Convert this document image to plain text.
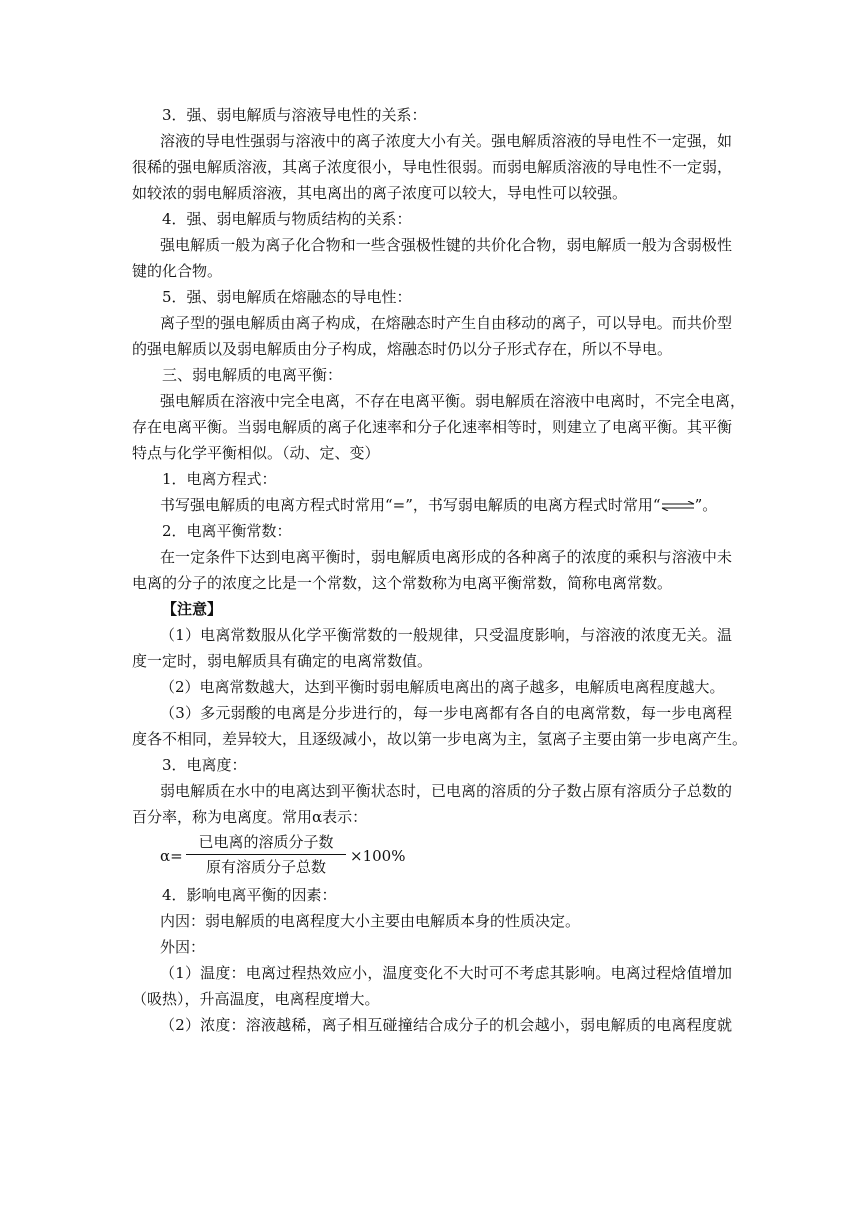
3．强、弱电解质与溶液导电性的关系：
溶液的导电性强弱与溶液中的离子浓度大小有关。强电解质溶液的导电性不一定强，如
很稀的强电解质溶液，其离子浓度很小，导电性很弱。而弱电解质溶液的导电性不一定弱，
如较浓的弱电解质溶液，其电离出的离子浓度可以较大，导电性可以较强。
4．强、弱电解质与物质结构的关系：
强电解质一般为离子化合物和一些含强极性键的共价化合物，弱电解质一般为含弱极性
键的化合物。
5．强、弱电解质在熔融态的导电性：
离子型的强电解质由离子构成，在熔融态时产生自由移动的离子，可以导电。而共价型
的强电解质以及弱电解质由分子构成，熔融态时仍以分子形式存在，所以不导电。
三、弱电解质的电离平衡：
强电解质在溶液中完全电离，不存在电离平衡。弱电解质在溶液中电离时，不完全电离，
存在电离平衡。当弱电解质的离子化速率和分子化速率相等时，则建立了电离平衡。其平衡
特点与化学平衡相似。（动、定、变）
1．电离方程式：
书写强电解质的电离方程式时常用“=”，书写弱电解质的电离方程式时常用“⇌”。
2．电离平衡常数：
在一定条件下达到电离平衡时，弱电解质电离形成的各种离子的浓度的乘积与溶液中未
电离的分子的浓度之比是一个常数，这个常数称为电离平衡常数，简称电离常数。
【注意】
（1）电离常数服从化学平衡常数的一般规律，只受温度影响，与溶液的浓度无关。温
度一定时，弱电解质具有确定的电离常数值。
（2）电离常数越大，达到平衡时弱电解质电离出的离子越多，电解质电离程度越大。
（3）多元弱酸的电离是分步进行的，每一步电离都有各自的电离常数，每一步电离程
度各不相同，差异较大，且逐级减小，故以第一步电离为主，氢离子主要由第一步电离产生。
3．电离度：
弱电解质在水中的电离达到平衡状态时，已电离的溶质的分子数占原有溶质分子总数的
百分率，称为电离度。常用α表示：
α=
已电离的溶质分子数
原有溶质分子总数
×100%
4．影响电离平衡的因素：
内因：弱电解质的电离程度大小主要由电解质本身的性质决定。
外因：
（1）温度：电离过程热效应小，温度变化不大时可不考虑其影响。电离过程焓值增加
（吸热），升高温度，电离程度增大。
（2）浓度：溶液越稀，离子相互碰撞结合成分子的机会越小，弱电解质的电离程度就
